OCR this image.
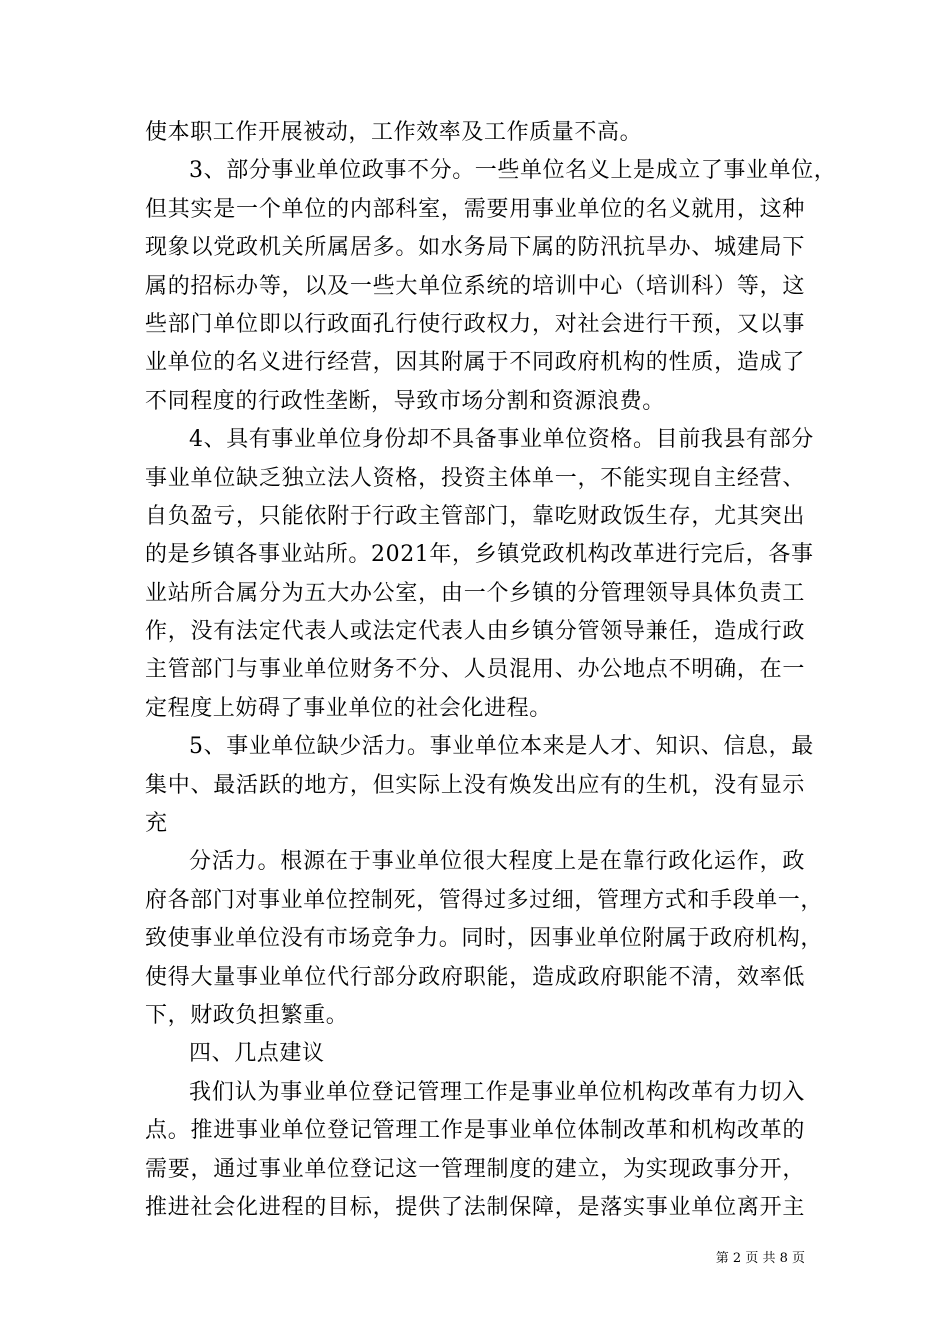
使本职工作开展被动，工作效率及工作质量不高。
3、部分事业单位政事不分。一些单位名义上是成立了事业单位，
但其实是一个单位的内部科室，需要用事业单位的名义就用，这种
现象以党政机关所属居多。如水务局下属的防汛抗旱办、城建局下
属的招标办等，以及一些大单位系统的培训中心（培训科）等，这
些部门单位即以行政面孔行使行政权力，对社会进行干预，又以事
业单位的名义进行经营，因其附属于不同政府机构的性质，造成了
不同程度的行政性垄断，导致市场分割和资源浪费。
4、具有事业单位身份却不具备事业单位资格。目前我县有部分
事业单位缺乏独立法人资格，投资主体单一，不能实现自主经营、
自负盈亏，只能依附于行政主管部门，靠吃财政饭生存，尤其突出
的是乡镇各事业站所。2021年，乡镇党政机构改革进行完后，各事
业站所合属分为五大办公室，由一个乡镇的分管理领导具体负责工
作，没有法定代表人或法定代表人由乡镇分管领导兼任，造成行政
主管部门与事业单位财务不分、人员混用、办公地点不明确，在一
定程度上妨碍了事业单位的社会化进程。
5、事业单位缺少活力。事业单位本来是人才、知识、信息，最
集中、最活跃的地方，但实际上没有焕发出应有的生机，没有显示
充
分活力。根源在于事业单位很大程度上是在靠行政化运作，政
府各部门对事业单位控制死，管得过多过细，管理方式和手段单一，
致使事业单位没有市场竞争力。同时，因事业单位附属于政府机构，
使得大量事业单位代行部分政府职能，造成政府职能不清，效率低
下，财政负担繁重。
四、几点建议
我们认为事业单位登记管理工作是事业单位机构改革有力切入
点。推进事业单位登记管理工作是事业单位体制改革和机构改革的
需要，通过事业单位登记这一管理制度的建立，为实现政事分开，
推进社会化进程的目标，提供了法制保障，是落实事业单位离开主
第 2 页 共 8 页
